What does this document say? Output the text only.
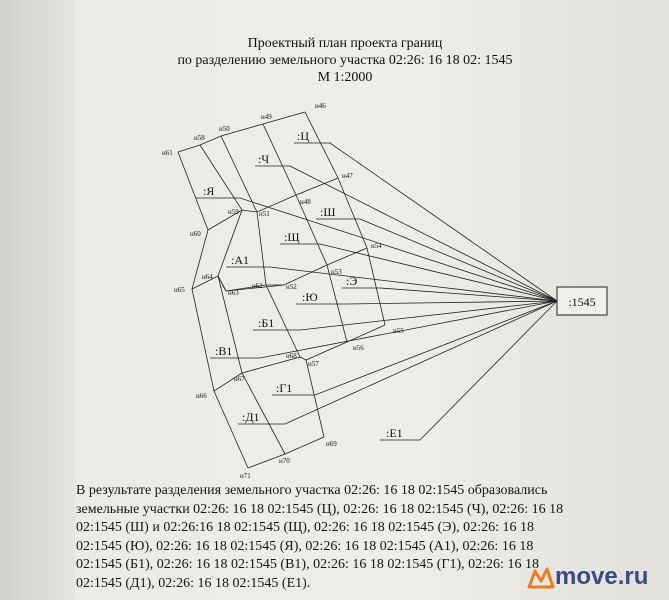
Проектный план проекта границ
по разделению земельного участка 02:26: 16 18 02: 1545
М 1:2000
н46
н49
н50
н58
н61
н47
н48
н59	н51
н60
н54
н53
н64
н62	н52
н65	н63
н55
н56
н68
н57
н67
н66
н69
н70
н71
:Ц
:Ч
:Я
:Ш
:Щ
:А1
:Э
:Ю
:Б1
:В1
:Г1
:Д1
:Е1
:1545
В результате разделения земельного участка 02:26: 16 18 02:1545 образовались
земельные участки 02:26: 16 18 02:1545 (Ц), 02:26: 16 18 02:1545 (Ч), 02:26: 16 18
02:1545 (Ш) и 02:26:16 18 02:1545 (Щ), 02:26: 16 18 02:1545 (Э), 02:26: 16 18
02:1545 (Ю), 02:26: 16 18 02:1545 (Я), 02:26: 16 18 02:1545 (А1), 02:26: 16 18
02:1545 (Б1), 02:26: 16 18 02:1545 (В1), 02:26: 16 18 02:1545 (Г1), 02:26: 16 18
02:1545 (Д1), 02:26: 16 18 02:1545 (Е1).	move.ru
